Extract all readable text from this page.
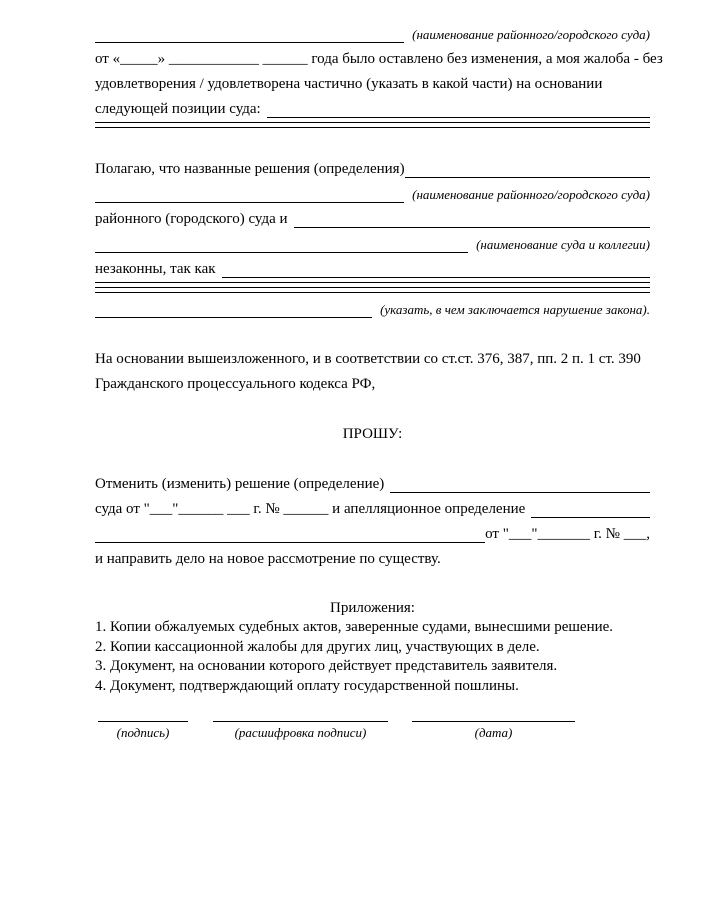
(наименование районного/городского суда)
от «_____» ____________ ______ года было оставлено без изменения, а моя жалоба - без
удовлетворения / удовлетворена частично (указать в какой части) на основании
следующей позиции суда:
Полагаю, что названные решения (определения)
(наименование районного/городского суда)
районного (городского) суда и
(наименование суда и коллегии)
незаконны, так как
(указать, в чем заключается нарушение закона).
На основании вышеизложенного, и в соответствии со ст.ст. 376, 387, пп. 2 п. 1 ст. 390
Гражданского процессуального кодекса РФ,
ПРОШУ:
Отменить (изменить) решение (определение)
суда от "___"______ ___ г. № ______ и апелляционное определение
от "___"_______ г. № ___,
и направить дело на новое рассмотрение по существу.
Приложения:
1. Копии обжалуемых судебных актов, заверенные судами, вынесшими решение.
2. Копии кассационной жалобы для других лиц, участвующих в деле.
3. Документ, на основании которого действует представитель заявителя.
4. Документ, подтверждающий оплату государственной пошлины.
(подпись)	(расшифровка подписи)	(дата)
